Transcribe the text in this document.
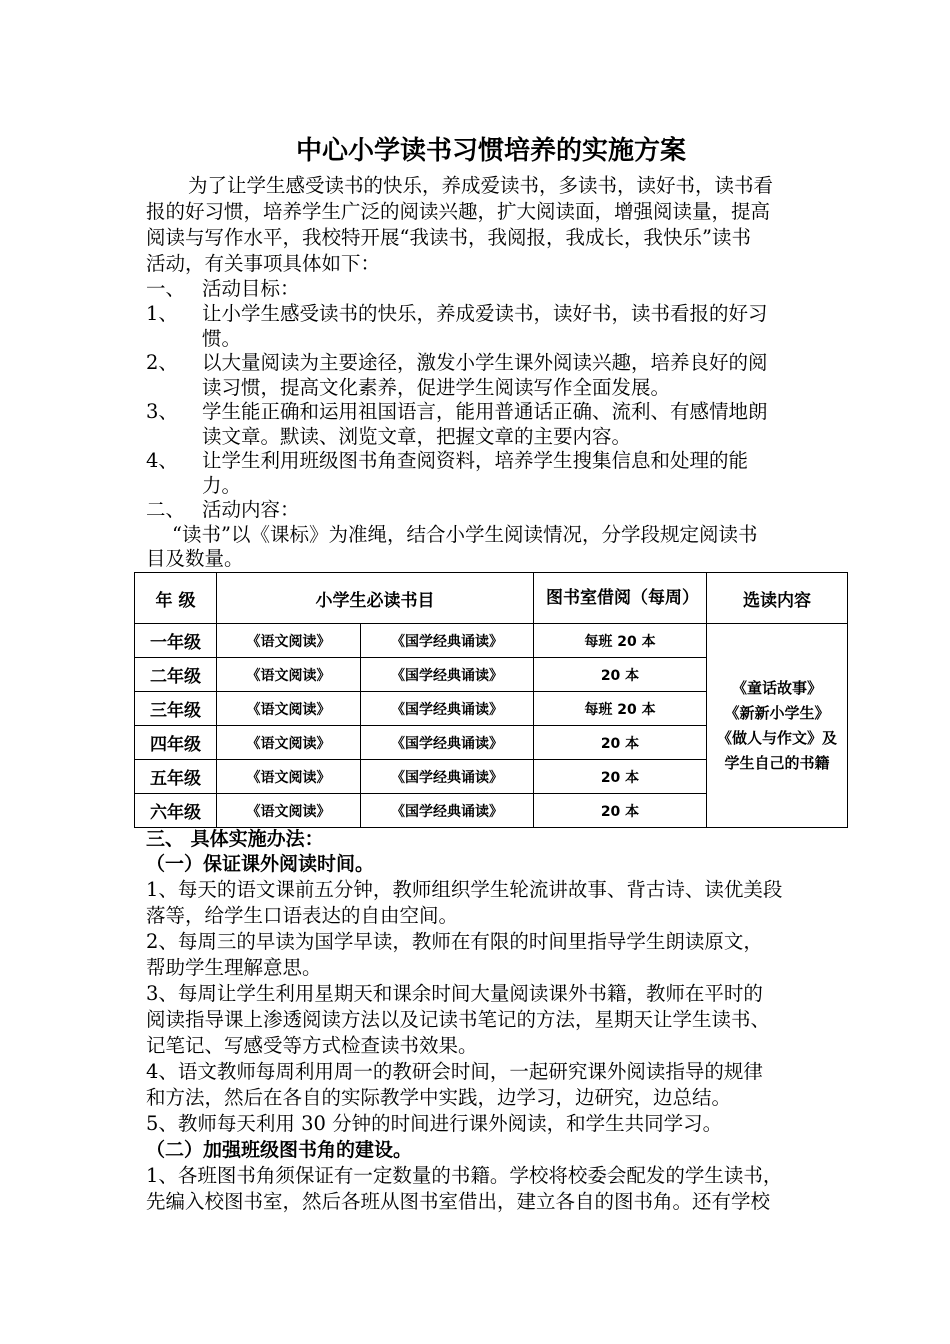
中心小学读书习惯培养的实施方案
为了让学生感受读书的快乐，养成爱读书，多读书，读好书，读书看
报的好习惯，培养学生广泛的阅读兴趣，扩大阅读面，增强阅读量，提高
阅读与写作水平，我校特开展“我读书，我阅报，我成长，我快乐”读书
活动，有关事项具体如下：
一、 活动目标：
1、 让小学生感受读书的快乐，养成爱读书，读好书，读书看报的好习
惯。
2、 以大量阅读为主要途径，激发小学生课外阅读兴趣，培养良好的阅
读习惯，提高文化素养，促进学生阅读写作全面发展。
3、 学生能正确和运用祖国语言，能用普通话正确、流利、有感情地朗
读文章。默读、浏览文章，把握文章的主要内容。
4、 让学生利用班级图书角查阅资料，培养学生搜集信息和处理的能
力。
二、 活动内容：
“读书”以《课标》为准绳，结合小学生阅读情况，分学段规定阅读书
目及数量。
年 级	小学生必读书目		图书室借阅（每周）	选读内容
一年级	《语文阅读》	《国学经典诵读》	每班 20 本	《童话故事》
《新新小学生》
《做人与作文》及
学生自己的书籍

二年级	《语文阅读》	《国学经典诵读》	20 本	
三年级	《语文阅读》	《国学经典诵读》	每班 20 本	
四年级	《语文阅读》	《国学经典诵读》	20 本	
五年级	《语文阅读》	《国学经典诵读》	20 本	
六年级	《语文阅读》	《国学经典诵读》	20 本	
三、 具体实施办法：
（一）保证课外阅读时间。
1、每天的语文课前五分钟，教师组织学生轮流讲故事、背古诗、读优美段
落等，给学生口语表达的自由空间。
2、每周三的早读为国学早读，教师在有限的时间里指导学生朗读原文，
帮助学生理解意思。
3、每周让学生利用星期天和课余时间大量阅读课外书籍，教师在平时的
阅读指导课上渗透阅读方法以及记读书笔记的方法，星期天让学生读书、
记笔记、写感受等方式检查读书效果。
4、语文教师每周利用周一的教研会时间，一起研究课外阅读指导的规律
和方法，然后在各自的实际教学中实践，边学习，边研究，边总结。
5、教师每天利用 30 分钟的时间进行课外阅读，和学生共同学习。
（二）加强班级图书角的建设。
1、各班图书角须保证有一定数量的书籍。学校将校委会配发的学生读书，
先编入校图书室，然后各班从图书室借出，建立各自的图书角。还有学校
